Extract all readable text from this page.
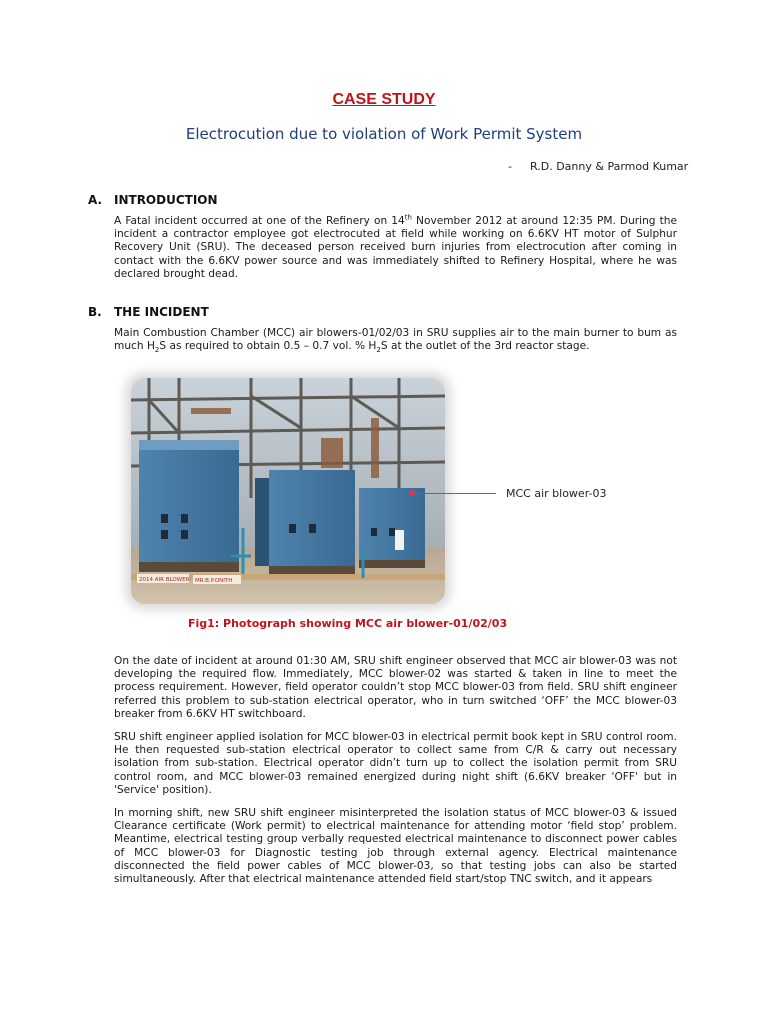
CASE STUDY
Electrocution due to violation of Work Permit System
- R.D. Danny & Parmod Kumar
A. INTRODUCTION
A Fatal incident occurred at one of the Refinery on 14th November 2012 at around 12:35 PM. During the incident a contractor employee got electrocuted at field while working on 6.6KV HT motor of Sulphur Recovery Unit (SRU). The deceased person received burn injuries from electrocution after coming in contact with the 6.6KV power source and was immediately shifted to Refinery Hospital, where he was declared brought dead.
B. THE INCIDENT
Main Combustion Chamber (MCC) air blowers-01/02/03 in SRU supplies air to the main burner to bum as much $H_2S$ as required to obtain 0.5 – 0.7 vol. % $H_2S$ at the outlet of the 3rd reactor stage.
2014 AIR BLOWER MR.B.P.ONITH
MCC air blower-03
Fig1: Photograph showing MCC air blower-01/02/03
On the date of incident at around 01:30 AM, SRU shift engineer observed that MCC air blower-03 was not developing the required flow. Immediately, MCC blower-02 was started & taken in line to meet the process requirement. However, field operator couldn’t stop MCC blower-03 from field. SRU shift engineer referred this problem to sub-station electrical operator, who in turn switched ‘OFF’ the MCC blower-03 breaker from 6.6KV HT switchboard.
SRU shift engineer applied isolation for MCC blower-03 in electrical permit book kept in SRU control room. He then requested sub-station electrical operator to collect same from C/R & carry out necessary isolation from sub-station. Electrical operator didn’t turn up to collect the isolation permit from SRU control room, and MCC blower-03 remained energized during night shift (6.6KV breaker 'OFF' but in 'Service' position).
In morning shift, new SRU shift engineer misinterpreted the isolation status of MCC blower-03 & issued Clearance certificate (Work permit) to electrical maintenance for attending motor ‘field stop’ problem. Meantime, electrical testing group verbally requested electrical maintenance to disconnect power cables of MCC blower-03 for Diagnostic testing job through external agency. Electrical maintenance disconnected the field power cables of MCC blower-03, so that testing jobs can also be started simultaneously. After that electrical maintenance attended field start/stop TNC switch, and it appears
